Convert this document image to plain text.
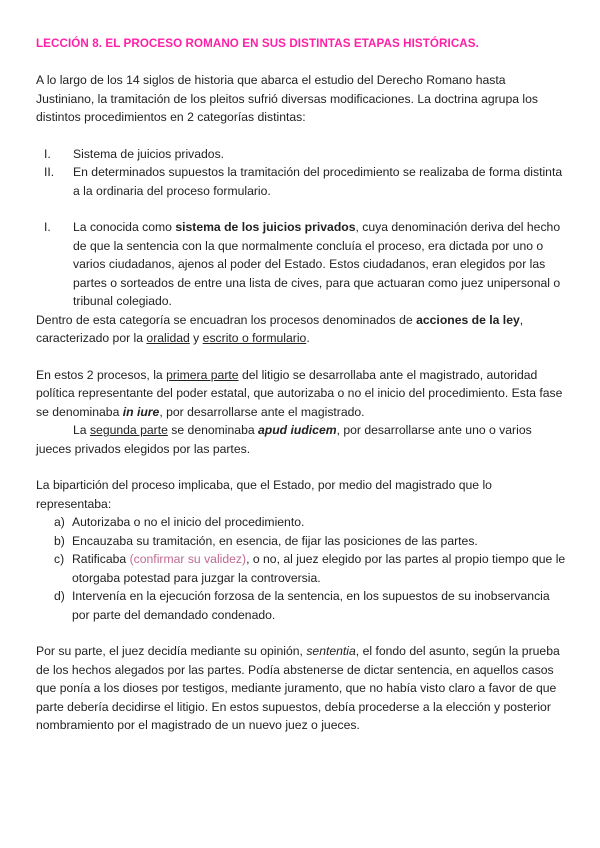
LECCIÓN 8. EL PROCESO ROMANO EN SUS DISTINTAS ETAPAS HISTÓRICAS.

A lo largo de los 14 siglos de historia que abarca el estudio del Derecho Romano hasta Justiniano, la tramitación de los pleitos sufrió diversas modificaciones. La doctrina agrupa los distintos procedimientos en 2 categorías distintas:

I. Sistema de juicios privados.
II. En determinados supuestos la tramitación del procedimiento se realizaba de forma distinta a la ordinaria del proceso formulario.
I. La conocida como sistema de los juicios privados, cuya denominación deriva del hecho de que la sentencia con la que normalmente concluía el proceso, era dictada por uno o varios ciudadanos, ajenos al poder del Estado. Estos ciudadanos, eran elegidos por las partes o sorteados de entre una lista de cives, para que actuaran como juez unipersonal o tribunal colegiado.

Dentro de esta categoría se encuadran los procesos denominados de acciones de la ley, caracterizado por la oralidad y escrito o formulario.

En estos 2 procesos, la primera parte del litigio se desarrollaba ante el magistrado, autoridad política representante del poder estatal, que autorizaba o no el inicio del procedimiento. Esta fase se denominaba in iure, por desarrollarse ante el magistrado.

La segunda parte se denominaba apud iudicem, por desarrollarse ante uno o varios jueces privados elegidos por las partes.

La bipartición del proceso implicaba, que el Estado, por medio del magistrado que lo representaba:

a) Autorizaba o no el inicio del procedimiento.
b) Encauzaba su tramitación, en esencia, de fijar las posiciones de las partes.
c) Ratificaba (confirmar su validez), o no, al juez elegido por las partes al propio tiempo que le otorgaba potestad para juzgar la controversia.
d) Intervenía en la ejecución forzosa de la sentencia, en los supuestos de su inobservancia por parte del demandado condenado.

Por su parte, el juez decidía mediante su opinión, sententia, el fondo del asunto, según la prueba de los hechos alegados por las partes. Podía abstenerse de dictar sentencia, en aquellos casos que ponía a los dioses por testigos, mediante juramento, que no había visto claro a favor de que parte debería decidirse el litigio. En estos supuestos, debía procederse a la elección y posterior nombramiento por el magistrado de un nuevo juez o jueces.
